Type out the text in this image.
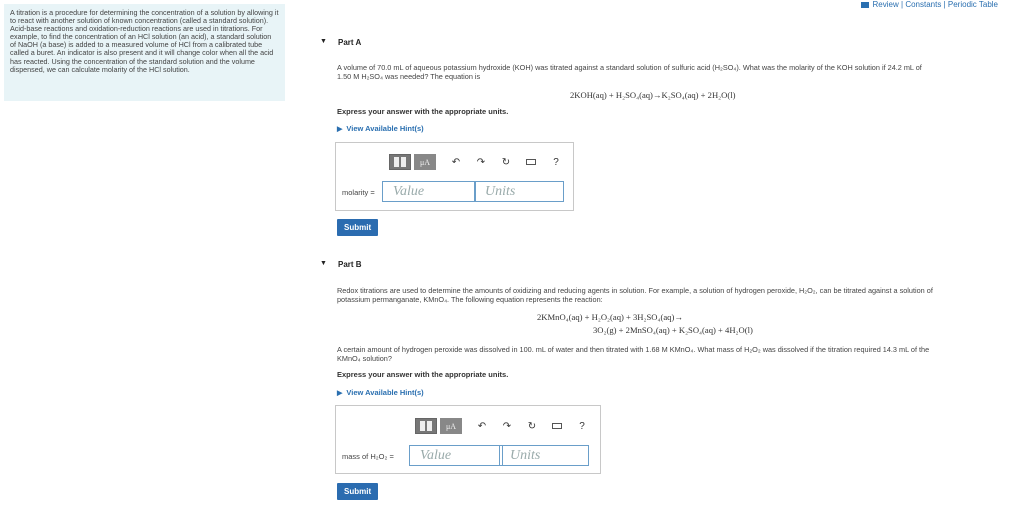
Review | Constants | Periodic Table

A titration is a procedure for determining the concentration of a solution by allowing it to react with another solution of known concentration (called a standard solution). Acid-base reactions and oxidation-reduction reactions are used in titrations. For example, to find the concentration of an HCl solution (an acid), a standard solution of NaOH (a base) is added to a measured volume of HCl from a calibrated tube called a buret. An indicator is also present and it will change color when all the acid has reacted. Using the concentration of the standard solution and the volume dispensed, we can calculate molarity of the HCl solution.

▼ Part A
A volume of 70.0 mL of aqueous potassium hydroxide (KOH) was titrated against a standard solution of sulfuric acid (H₂SO₄). What was the molarity of the KOH solution if 24.2 mL of
1.50 M H₂SO₄ was needed? The equation is
2KOH(aq) + H₂SO₄(aq)→K₂SO₄(aq) + 2H₂O(l)
Express your answer with the appropriate units.
▶ View Available Hint(s)
μA	↶ ↷ ↻	?
molarity =	Value	Units
Submit
▼ Part B
Redox titrations are used to determine the amounts of oxidizing and reducing agents in solution. For example, a solution of hydrogen peroxide, H₂O₂, can be titrated against a solution of
potassium permanganate, KMnO₄. The following equation represents the reaction:
2KMnO₄(aq) + H₂O₂(aq) + 3H₂SO₄(aq)→
3O₂(g) + 2MnSO₄(aq) + K₂SO₄(aq) + 4H₂O(l)
A certain amount of hydrogen peroxide was dissolved in 100. mL of water and then titrated with 1.68 M KMnO₄. What mass of H₂O₂ was dissolved if the titration required 14.3 mL of the
KMnO₄ solution?
Express your answer with the appropriate units.
▶ View Available Hint(s)
μA	↶ ↷ ↻	?
mass of H₂O₂ =	Value	Units
Submit
